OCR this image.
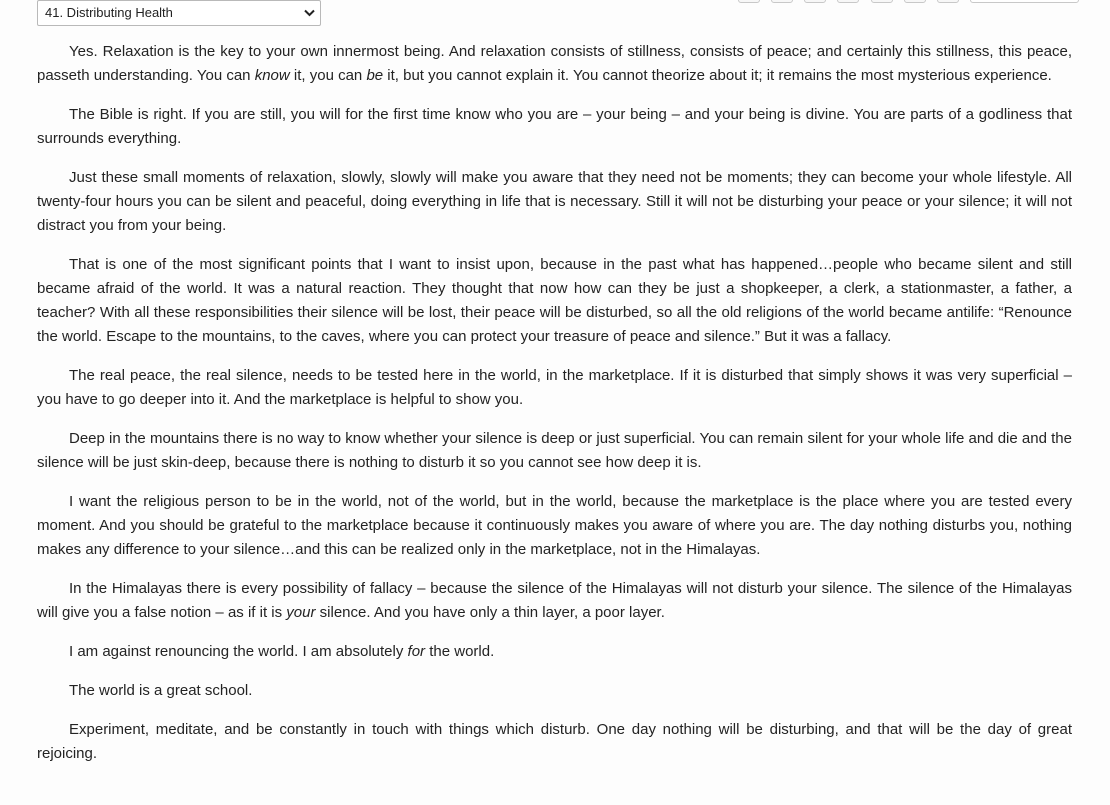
41. Distributing Health

Yes. Relaxation is the key to your own innermost being. And relaxation consists of stillness, consists of peace; and certainly this stillness, this peace, passeth understanding. You can know it, you can be it, but you cannot explain it. You cannot theorize about it; it remains the most mysterious experience.

The Bible is right. If you are still, you will for the first time know who you are – your being – and your being is divine. You are parts of a godliness that surrounds everything.

Just these small moments of relaxation, slowly, slowly will make you aware that they need not be moments; they can become your whole lifestyle. All twenty-four hours you can be silent and peaceful, doing everything in life that is necessary. Still it will not be disturbing your peace or your silence; it will not distract you from your being.

That is one of the most significant points that I want to insist upon, because in the past what has happened…people who became silent and still became afraid of the world. It was a natural reaction. They thought that now how can they be just a shopkeeper, a clerk, a stationmaster, a father, a teacher? With all these responsibilities their silence will be lost, their peace will be disturbed, so all the old religions of the world became antilife: “Renounce the world. Escape to the mountains, to the caves, where you can protect your treasure of peace and silence.” But it was a fallacy.

The real peace, the real silence, needs to be tested here in the world, in the marketplace. If it is disturbed that simply shows it was very superficial – you have to go deeper into it. And the marketplace is helpful to show you.

Deep in the mountains there is no way to know whether your silence is deep or just superficial. You can remain silent for your whole life and die and the silence will be just skin-deep, because there is nothing to disturb it so you cannot see how deep it is.

I want the religious person to be in the world, not of the world, but in the world, because the marketplace is the place where you are tested every moment. And you should be grateful to the marketplace because it continuously makes you aware of where you are. The day nothing disturbs you, nothing makes any difference to your silence…and this can be realized only in the marketplace, not in the Himalayas.

In the Himalayas there is every possibility of fallacy – because the silence of the Himalayas will not disturb your silence. The silence of the Himalayas will give you a false notion – as if it is your silence. And you have only a thin layer, a poor layer.

I am against renouncing the world. I am absolutely for the world.

The world is a great school.

Experiment, meditate, and be constantly in touch with things which disturb. One day nothing will be disturbing, and that will be the day of great rejoicing.
